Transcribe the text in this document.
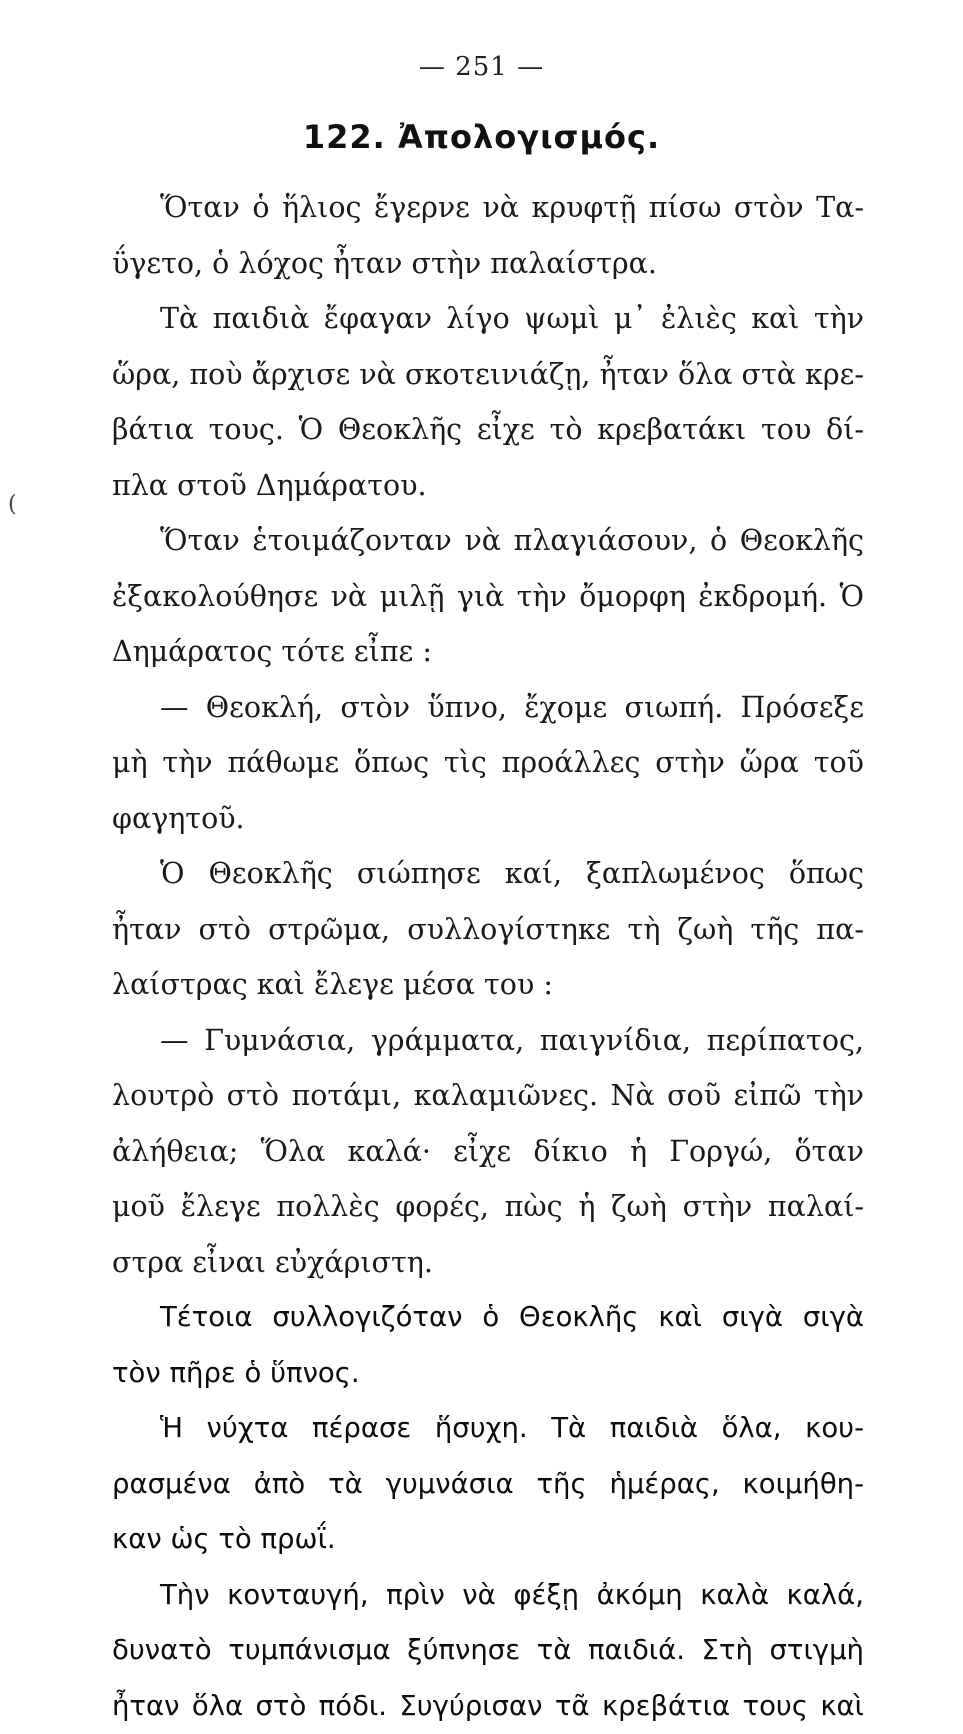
— 251 —
122. Ἀπολογισμός.
(
Ὅταν ὁ ἥλιος ἔγερνε νὰ κρυφτῇ πίσω στὸν Τα-
ΰγετο, ὁ λόχος ἦταν στὴν παλαίστρα.
Τὰ παιδιὰ ἔφαγαν λίγο ψωμὶ μ᾿ ἐλιὲς καὶ τὴν
ὥρα, ποὺ ἄρχισε νὰ σκοτεινιάζῃ, ἦταν ὅλα στὰ κρε-
βάτια τους. Ὁ Θεοκλῆς εἶχε τὸ κρεβατάκι του δί-
πλα στοῦ Δημάρατου.
Ὅταν ἑτοιμάζονταν νὰ πλαγιάσουν, ὁ Θεοκλῆς
ἐξακολούθησε νὰ μιλῇ γιὰ τὴν ὄμορφη ἐκδρομή. Ὁ
Δημάρατος τότε εἶπε :
— Θεοκλή, στὸν ὕπνο, ἔχομε σιωπή. Πρόσεξε
μὴ τὴν πάθωμε ὅπως τὶς προάλλες στὴν ὥρα τοῦ
φαγητοῦ.
Ὁ Θεοκλῆς σιώπησε καί, ξαπλωμένος ὅπως
ἦταν στὸ στρῶμα, συλλογίστηκε τὴ ζωὴ τῆς πα-
λαίστρας καὶ ἔλεγε μέσα του :
— Γυμνάσια, γράμματα, παιγνίδια, περίπατος,
λουτρὸ στὸ ποτάμι, καλαμιῶνες. Νὰ σοῦ εἰπῶ τὴν
ἀλήθεια; Ὅλα καλά· εἶχε δίκιο ἡ Γοργώ, ὅταν
μοῦ ἔλεγε πολλὲς φορές, πὼς ἡ ζωὴ στὴν παλαί-
στρα εἶναι εὐχάριστη.
Τέτοια συλλογιζόταν ὁ Θεοκλῆς καὶ σιγὰ σιγὰ
τὸν πῆρε ὁ ὕπνος.
Ἡ νύχτα πέρασε ἥσυχη. Τὰ παιδιὰ ὅλα, κου-
ρασμένα ἀπὸ τὰ γυμνάσια τῆς ἡμέρας, κοιμήθη-
καν ὡς τὸ πρωΐ.
Τὴν κονταυγή, πρὶν νὰ φέξῃ ἀκόμη καλὰ καλά,
δυνατὸ τυμπάνισμα ξύπνησε τὰ παιδιά. Στὴ στιγμὴ
ἦταν ὅλα στὸ πόδι. Συγύρισαν τᾶ κρεβάτια τους καὶ
